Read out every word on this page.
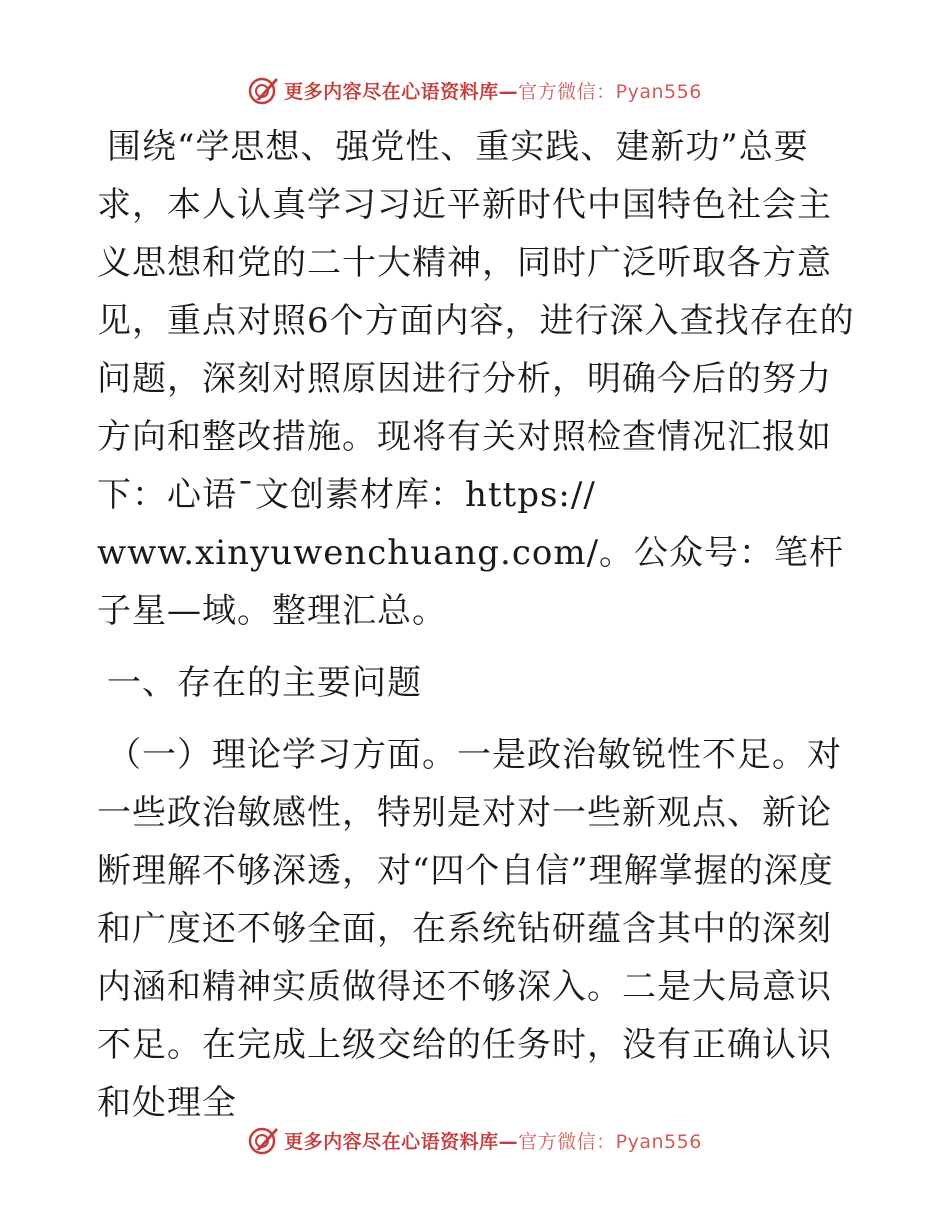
更多内容尽在心语资料库—官方微信：Pyan556

围绕“学思想、强党性、重实践、建新功”总要求，本人认真学习习近平新时代中国特色社会主义思想和党的二十大精神，同时广泛听取各方意见，重点对照6个方面内容，进行深入查找存在的问题，深刻对照原因进行分析，明确今后的努力方向和整改措施。现将有关对照检查情况汇报如下：心语¯文创素材库：https://
www.xinyuwenchuang.com/。公众号：笔杆子星—域。整理汇总。

一、存在的主要问题

（一）理论学习方面。一是政治敏锐性不足。对一些政治敏感性，特别是对对一些新观点、新论断理解不够深透，对“四个自信”理解掌握的深度和广度还不够全面，在系统钻研蕴含其中的深刻内涵和精神实质做得还不够深入。二是大局意识不足。在完成上级交给的任务时，没有正确认识和处理全

更多内容尽在心语资料库—官方微信：Pyan556
